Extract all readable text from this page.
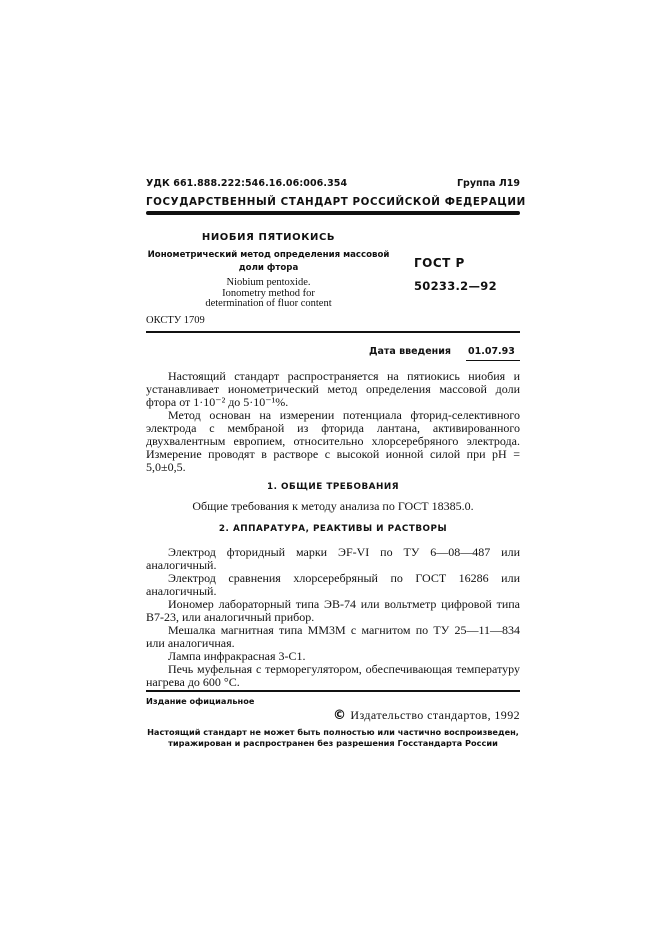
УДК 661.888.222:546.16.06:006.354	Группа Л19
ГОСУДАРСТВЕННЫЙ СТАНДАРТ РОССИЙСКОЙ ФЕДЕРАЦИИ
НИОБИЯ ПЯТИОКИСЬ
Ионометрический метод определения массовой доли фтора
Niobium pentoxide.
Ionometry method for
determination of fluor content
ГОСТ Р
50233.2—92
ОКСТУ 1709
Дата введения 01.07.93

Настоящий стандарт распространяется на пятиокись ниобия и устанавливает ионометрический метод определения массовой доли фтора от 1·10⁻² до 5·10⁻¹%.

Метод основан на измерении потенциала фторид-селективного электрода с мембраной из фторида лантана, активированного двухвалентным европием, относительно хлорсеребряного электрода. Измерение проводят в растворе с высокой ионной силой при pH = 5,0±0,5.

1. ОБЩИЕ ТРЕБОВАНИЯ
Общие требования к методу анализа по ГОСТ 18385.0.
2. АППАРАТУРА, РЕАКТИВЫ И РАСТВОРЫ

Электрод фторидный марки ЭF-VI по ТУ 6—08—487 или аналогичный.

Электрод сравнения хлорсеребряный по ГОСТ 16286 или аналогичный.

Иономер лабораторный типа ЭВ-74 или вольтметр цифровой типа В7-23, или аналогичный прибор.

Мешалка магнитная типа ММ3М с магнитом по ТУ 25—11—834 или аналогичная.

Лампа инфракрасная 3-С1.

Печь муфельная с терморегулятором, обеспечивающая температуру нагрева до 600 °С.

Издание официальное
© Издательство стандартов, 1992
Настоящий стандарт не может быть полностью или частично воспроизведен, тиражирован и распространен без разрешения Госстандарта России
